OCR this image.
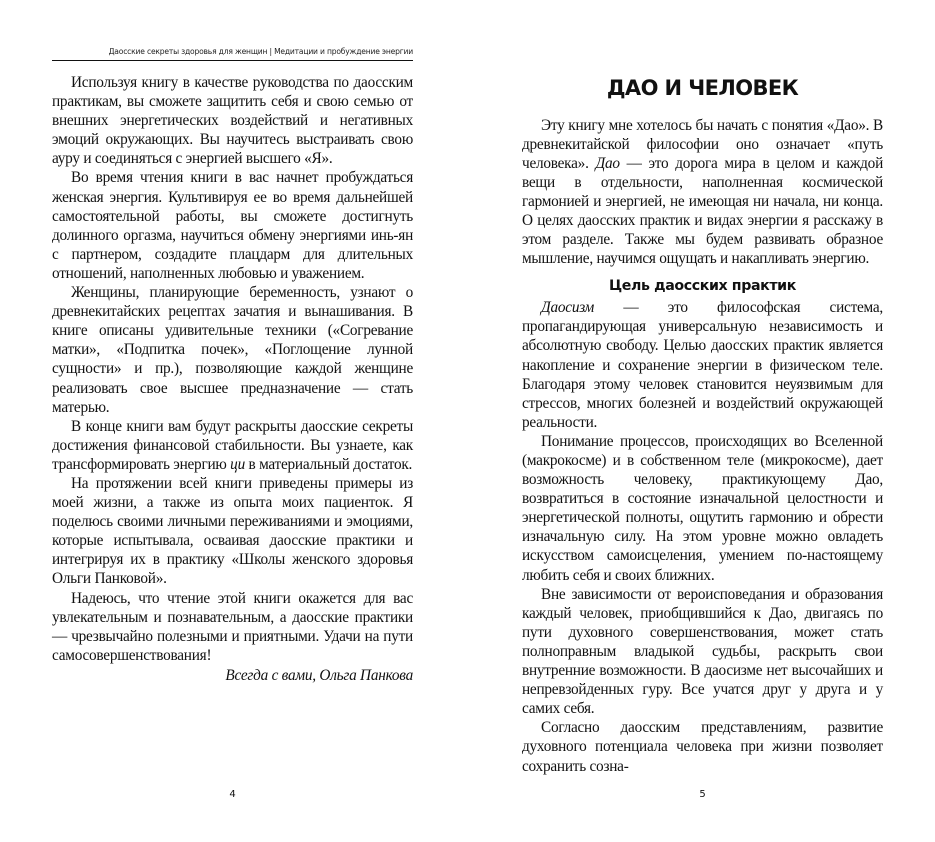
Даосские секреты здоровья для женщин | Медитации и пробуждение энергии

Используя книгу в качестве руководства по даосским практикам, вы сможете защитить себя и свою семью от внешних энергетических воздействий и негативных эмоций окружающих. Вы научитесь выстраивать свою ауру и соединяться с энергией высшего «Я».

Во время чтения книги в вас начнет пробуждаться женская энергия. Культивируя ее во время дальнейшей самостоятельной работы, вы сможете достигнуть долинного оргазма, научиться обмену энергиями инь-ян с партнером, создадите плацдарм для длительных отношений, наполненных любовью и уважением.

Женщины, планирующие беременность, узнают о древнекитайских рецептах зачатия и вынашивания. В книге описаны удивительные техники («Согревание матки», «Подпитка почек», «Поглощение лунной сущности» и пр.), позволяющие каждой женщине реализовать свое высшее предназначение — стать матерью.

В конце книги вам будут раскрыты даосские секреты достижения финансовой стабильности. Вы узнаете, как трансформировать энергию ци в материальный достаток.

На протяжении всей книги приведены примеры из моей жизни, а также из опыта моих пациенток. Я поделюсь своими личными переживаниями и эмоциями, которые испытывала, осваивая даосские практики и интегрируя их в практику «Школы женского здоровья Ольги Панковой».

Надеюсь, что чтение этой книги окажется для вас увлекательным и познавательным, а даосские практики — чрезвычайно полезными и приятными. Удачи на пути самосовершенствования!

Всегда с вами, Ольга Панкова

4
ДАО И ЧЕЛОВЕК

Эту книгу мне хотелось бы начать с понятия «Дао». В древнекитайской философии оно означает «путь человека». Дао — это дорога мира в целом и каждой вещи в отдельности, наполненная космической гармонией и энергией, не имеющая ни начала, ни конца. О целях даосских практик и видах энергии я расскажу в этом разделе. Также мы будем развивать образное мышление, научимся ощущать и накапливать энергию.

Цель даосских практик

Даосизм — это философская система, пропагандирующая универсальную независимость и абсолютную свободу. Целью даосских практик является накопление и сохранение энергии в физическом теле. Благодаря этому человек становится неуязвимым для стрессов, многих болезней и воздействий окружающей реальности.

Понимание процессов, происходящих во Вселенной (макрокосме) и в собственном теле (микрокосме), дает возможность человеку, практикующему Дао, возвратиться в состояние изначальной целостности и энергетической полноты, ощутить гармонию и обрести изначальную силу. На этом уровне можно овладеть искусством самоисцеления, умением по-настоящему любить себя и своих ближних.

Вне зависимости от вероисповедания и образования каждый человек, приобщившийся к Дао, двигаясь по пути духовного совершенствования, может стать полноправным владыкой судьбы, раскрыть свои внутренние возможности. В даосизме нет высочайших и непревзойденных гуру. Все учатся друг у друга и у самих себя.

Согласно даосским представлениям, развитие духовного потенциала человека при жизни позволяет сохранить созна-

5
